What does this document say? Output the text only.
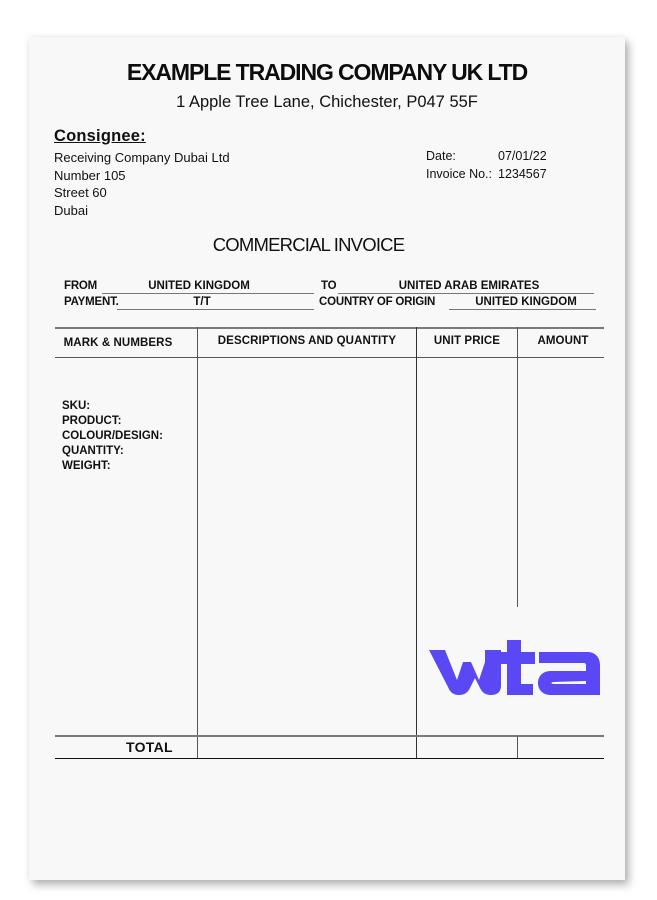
EXAMPLE TRADING COMPANY UK LTD
1 Apple Tree Lane, Chichester, P047 55F
Consignee:
Receiving Company Dubai Ltd
Number 105
Street 60
Dubai
Date:	07/01/22
Invoice No.: 1234567
COMMERCIAL INVOICE
FROM	UNITED KINGDOM	TO	UNITED ARAB EMIRATES
PAYMENT.	T/T	COUNTRY OF ORIGIN	UNITED KINGDOM
MARK & NUMBERS	DESCRIPTIONS AND QUANTITY	UNIT PRICE	AMOUNT
SKU:
PRODUCT:
COLOUR/DESIGN:
QUANTITY:
WEIGHT:
TOTAL
